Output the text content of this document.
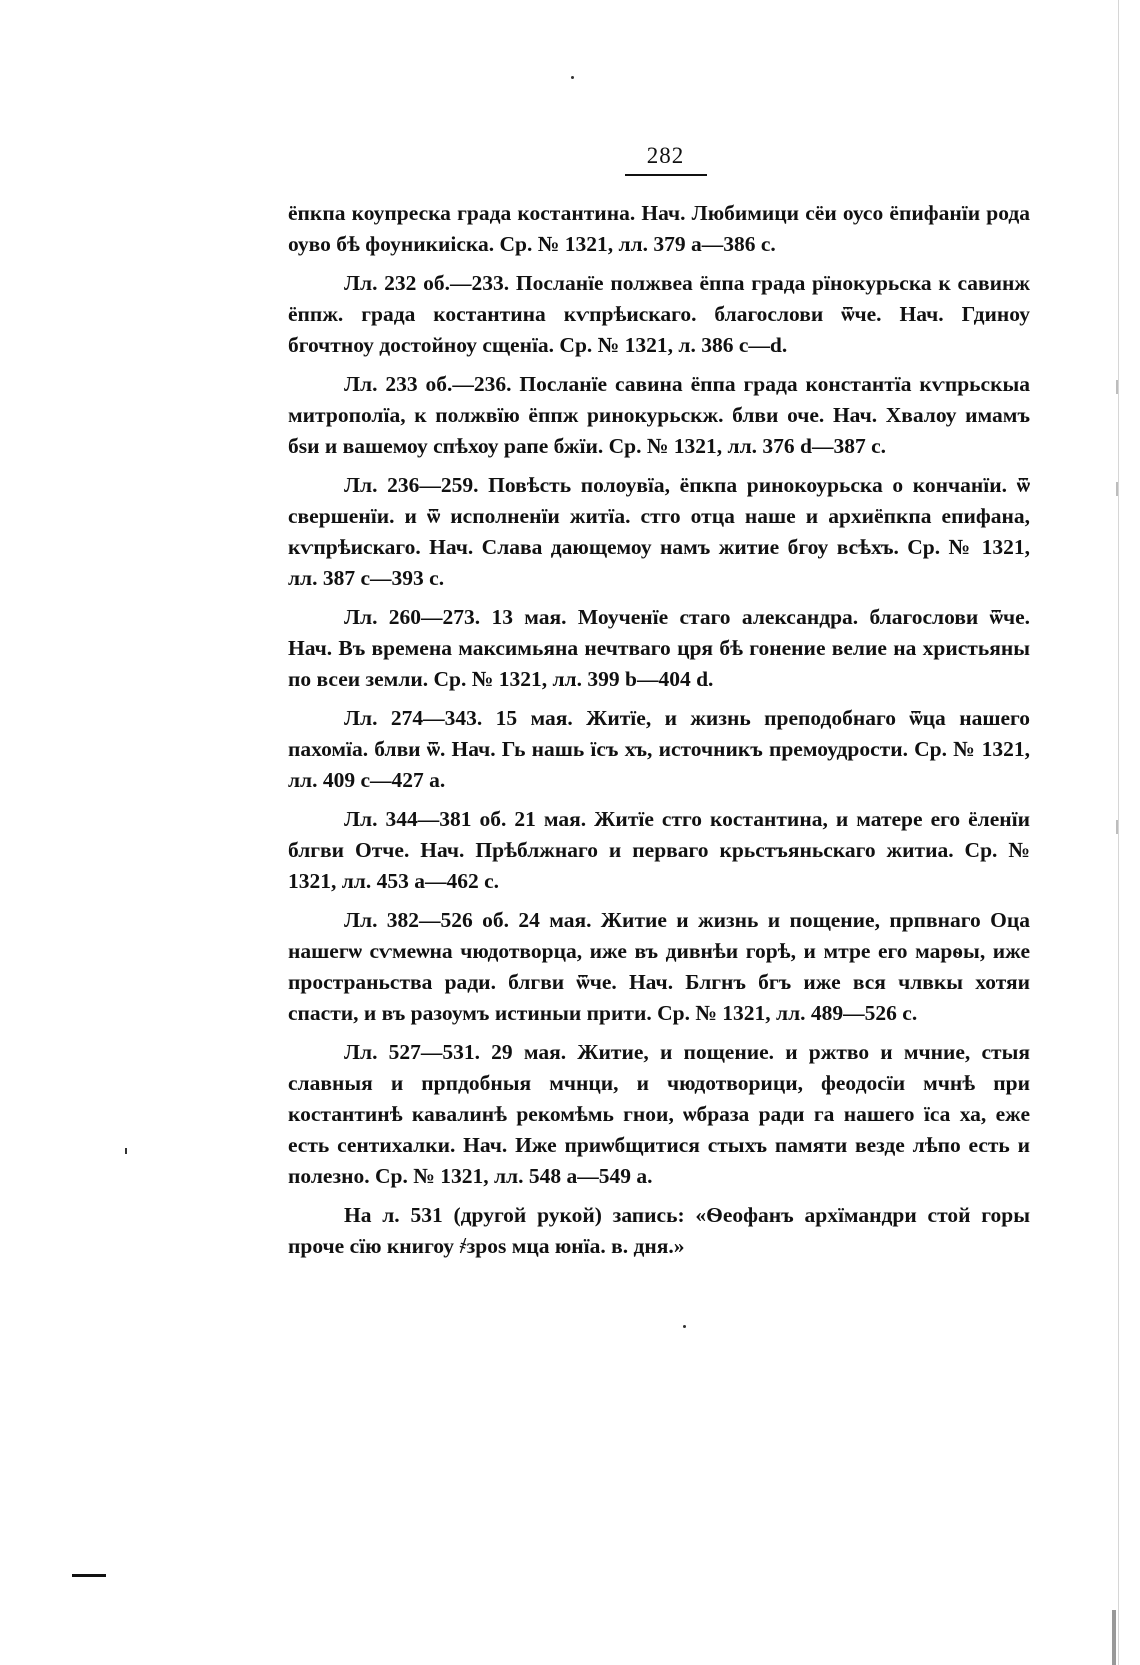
282

ёпкпа коупреска града костантина. Нач. Любимици сёи оусо ёпифанїи рода оуво бѣ фоуникиіска. Ср. № 1321, лл. 379 а—386 с.

Лл. 232 об.—233. Посланїе полжвеа ёппа града рїнокурьска к савинж ёппж. града костантина кѵпрѣискаго. благослови ѿче. Нач. Гдиноу бгочтноу достойноу сщенїа. Ср. № 1321, л. 386 c—d.

Лл. 233 об.—236. Посланїе савина ёппа града константїа кѵпрьскыа митрополїа, к полжвїю ёппж ринокурьскж. блви оче. Нач. Хвалоу имамъ бѕи и вашемоу спѣхоу рапе бжїи. Ср. № 1321, лл. 376 d—387 с.

Лл. 236—259. Повѣсть полоувїа, ёпкпа ринокоурьска о кончанїи. ѿ свершенїи. и ѿ исполненїи житїа. стго отца наше и архиёпкпа епифана, кѵпрѣискаго. Нач. Слава дающемоу намъ житие бгоу всѣхъ. Ср. № 1321, лл. 387 с—393 с.

Лл. 260—273. 13 мая. Моученїе стаго александра. благослови ѿче. Нач. Въ времена максимьяна нечтваго цря бѣ гонение велие на христьяны по всеи земли. Ср. № 1321, лл. 399 b—404 d.

Лл. 274—343. 15 мая. Житїе, и жизнь преподобнаго ѿца нашего пахомїа. блви ѿ. Нач. Гь нашь їсъ хъ, источникъ премоудрости. Ср. № 1321, лл. 409 с—427 а.

Лл. 344—381 об. 21 мая. Житїе стго костантина, и матере его ёленїи блгви Отче. Нач. Прѣблжнаго и перваго крьстъяньскаго житиа. Ср. № 1321, лл. 453 а—462 с.

Лл. 382—526 об. 24 мая. Житие и жизнь и пощение, прпвнаго Оца нашегѡ сѵмеѡна чюдотворца, иже въ дивнѣи горѣ, и мтре его марѳы, иже пространьства ради. блгви ѿче. Нач. Блгнъ бгъ иже вся члвкы хотяи спасти, и въ разоумъ истиныи прити. Ср. № 1321, лл. 489—526 с.

Лл. 527—531. 29 мая. Житие, и пощение. и ржтво и мчние, стыя славныя и прпдобныя мчнци, и чюдотворици, феодосїи мчнѣ при костантинѣ кавалинѣ рекомѣмь гнои, ѡбраза ради га нашего їса ха, еже есть сентихалки. Нач. Иже приѡбщитися стыхъ памяти везде лѣпо есть и полезно. Ср. № 1321, лл. 548 а—549 а.

На л. 531 (другой рукой) запись: «Ѳеофанъ архїмандри стой горы проче сїю книгоу ҂зроѕ мца юнїа. в. дня.»
